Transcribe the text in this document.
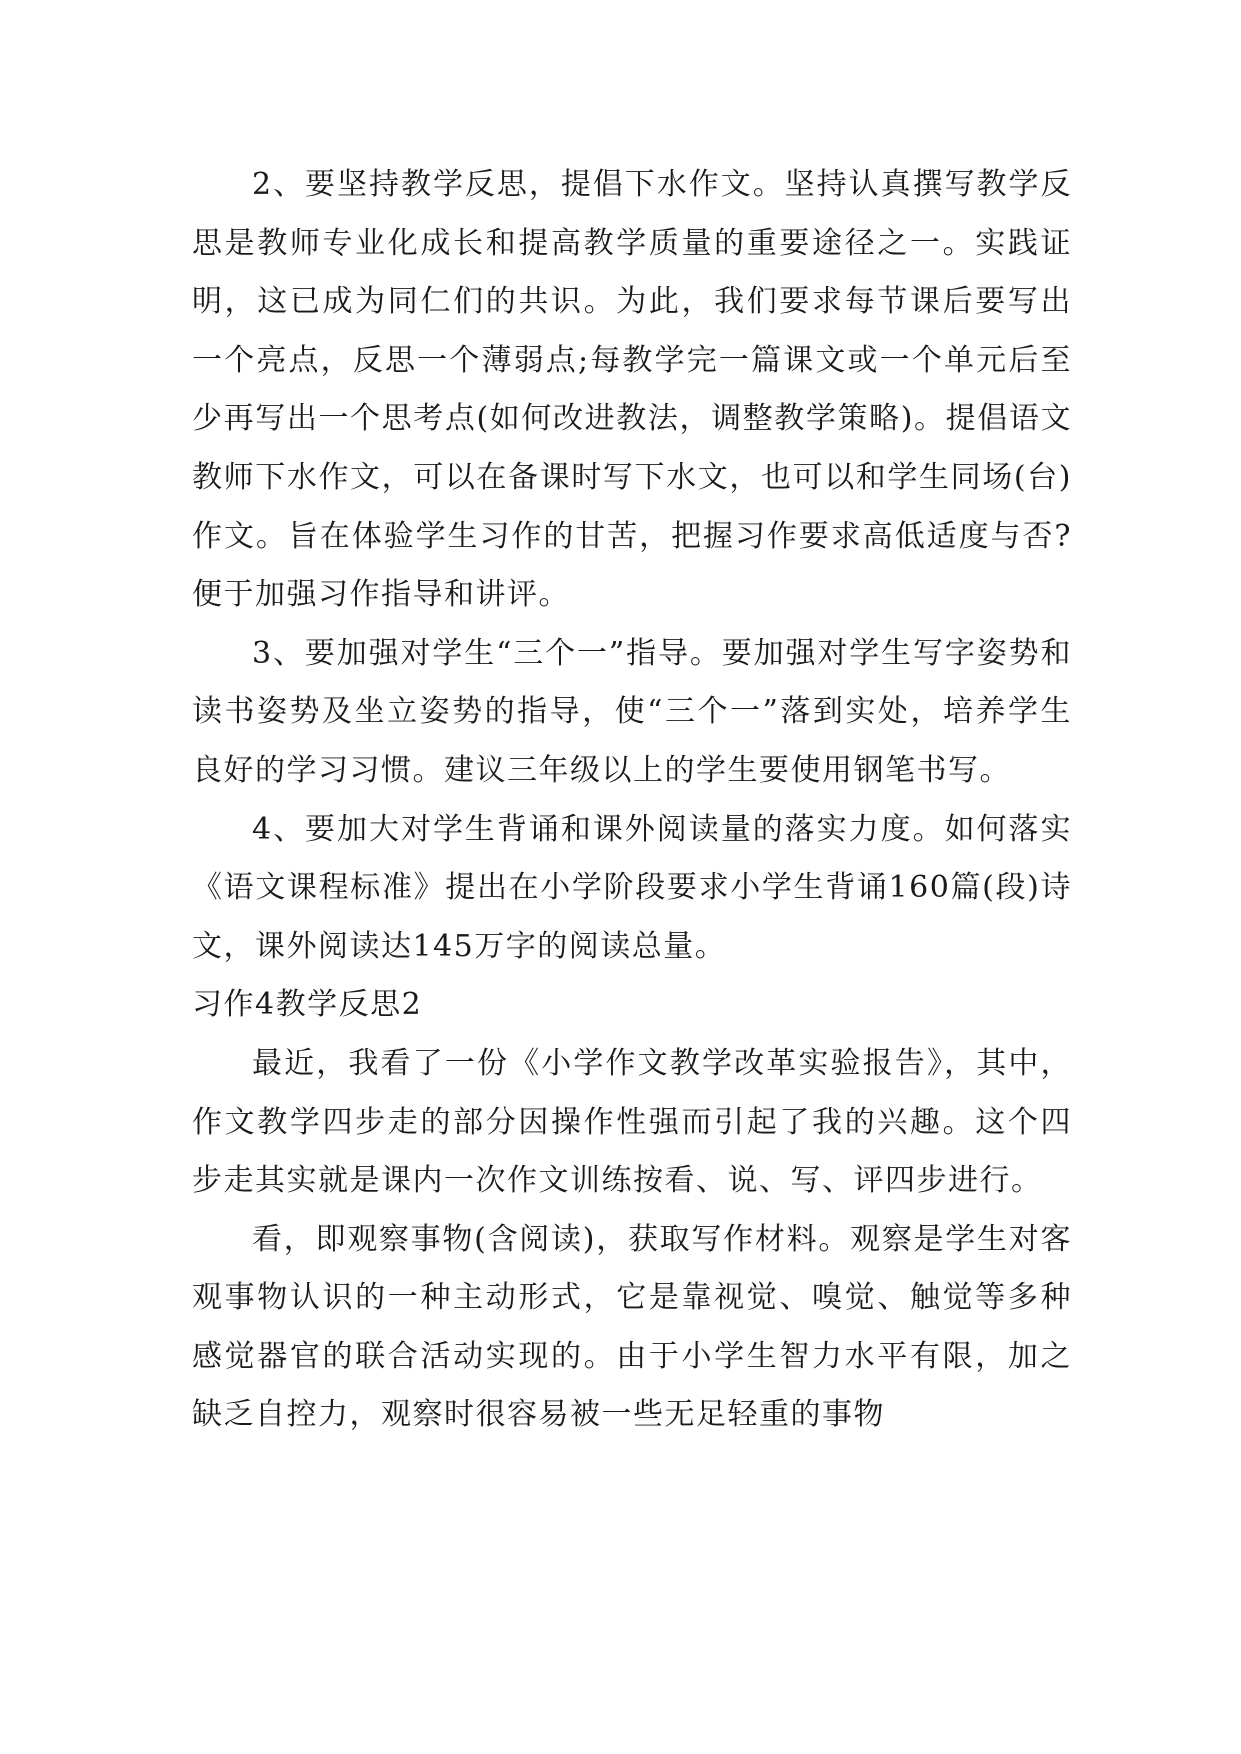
2、要坚持教学反思，提倡下水作文。坚持认真撰写教学反思是教师专业化成长和提高教学质量的重要途径之一。实践证明，这已成为同仁们的共识。为此，我们要求每节课后要写出一个亮点，反思一个薄弱点;每教学完一篇课文或一个单元后至少再写出一个思考点(如何改进教法，调整教学策略)。提倡语文教师下水作文，可以在备课时写下水文，也可以和学生同场(台)作文。旨在体验学生习作的甘苦，把握习作要求高低适度与否?便于加强习作指导和讲评。

3、要加强对学生“三个一”指导。要加强对学生写字姿势和读书姿势及坐立姿势的指导，使“三个一”落到实处，培养学生良好的学习习惯。建议三年级以上的学生要使用钢笔书写。

4、要加大对学生背诵和课外阅读量的落实力度。如何落实《语文课程标准》提出在小学阶段要求小学生背诵160篇(段)诗文，课外阅读达145万字的阅读总量。

习作4教学反思2

最近，我看了一份《小学作文教学改革实验报告》，其中，作文教学四步走的部分因操作性强而引起了我的兴趣。这个四步走其实就是课内一次作文训练按看、说、写、评四步进行。

看，即观察事物(含阅读)，获取写作材料。观察是学生对客观事物认识的一种主动形式，它是靠视觉、嗅觉、触觉等多种感觉器官的联合活动实现的。由于小学生智力水平有限，加之缺乏自控力，观察时很容易被一些无足轻重的事物
